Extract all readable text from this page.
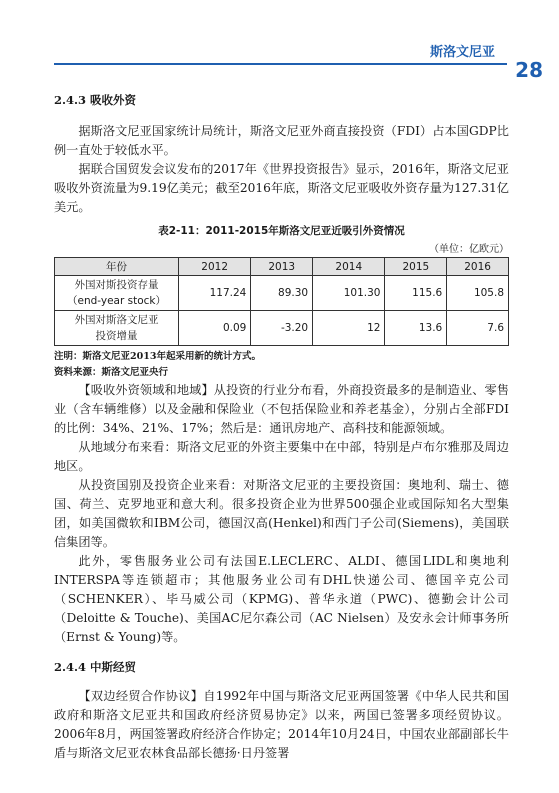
斯洛文尼亚
28
2.4.3 吸收外资

据斯洛文尼亚国家统计局统计，斯洛文尼亚外商直接投资（FDI）占本国GDP比例一直处于较低水平。

据联合国贸发会议发布的2017年《世界投资报告》显示，2016年，斯洛文尼亚吸收外资流量为9.19亿美元；截至2016年底，斯洛文尼亚吸收外资存量为127.31亿美元。

表2-11：2011-2015年斯洛文尼亚近吸引外资情况
（单位：亿欧元）
年份	2012	2013	2014	2015	2016

外国对斯投资存量
（end-year stock）	117.24	89.30	101.30	115.6	105.8

外国对斯洛文尼亚
投资增量	0.09	-3.20	12	13.6	7.6
注明：斯洛文尼亚2013年起采用新的统计方式。
资料来源：斯洛文尼亚央行

【吸收外资领域和地域】从投资的行业分布看，外商投资最多的是制造业、零售业（含车辆维修）以及金融和保险业（不包括保险业和养老基金），分别占全部FDI的比例：34%、21%、17%；然后是：通讯房地产、高科技和能源领域。

从地域分布来看：斯洛文尼亚的外资主要集中在中部，特别是卢布尔雅那及周边地区。

从投资国别及投资企业来看：对斯洛文尼亚的主要投资国：奥地利、瑞士、德国、荷兰、克罗地亚和意大利。很多投资企业为世界500强企业或国际知名大型集团，如美国微软和IBM公司，德国汉高(Henkel)和西门子公司(Siemens)，美国联信集团等。

此外，零售服务业公司有法国E.LECLERC、ALDI、德国LIDL和奥地利INTERSPA等连锁超市；其他服务业公司有DHL快递公司、德国辛克公司（SCHENKER）、毕马威公司（KPMG)、普华永道（PWC)、德勤会计公司（Deloitte & Touche)、美国AC尼尔森公司（AC Nielsen）及安永会计师事务所（Ernst & Young)等。

2.4.4 中斯经贸

【双边经贸合作协议】自1992年中国与斯洛文尼亚两国签署《中华人民共和国政府和斯洛文尼亚共和国政府经济贸易协定》以来，两国已签署多项经贸协议。2006年8月，两国签署政府经济合作协定；2014年10月24日，中国农业部副部长牛盾与斯洛文尼亚农林食品部长德扬·日丹签署
